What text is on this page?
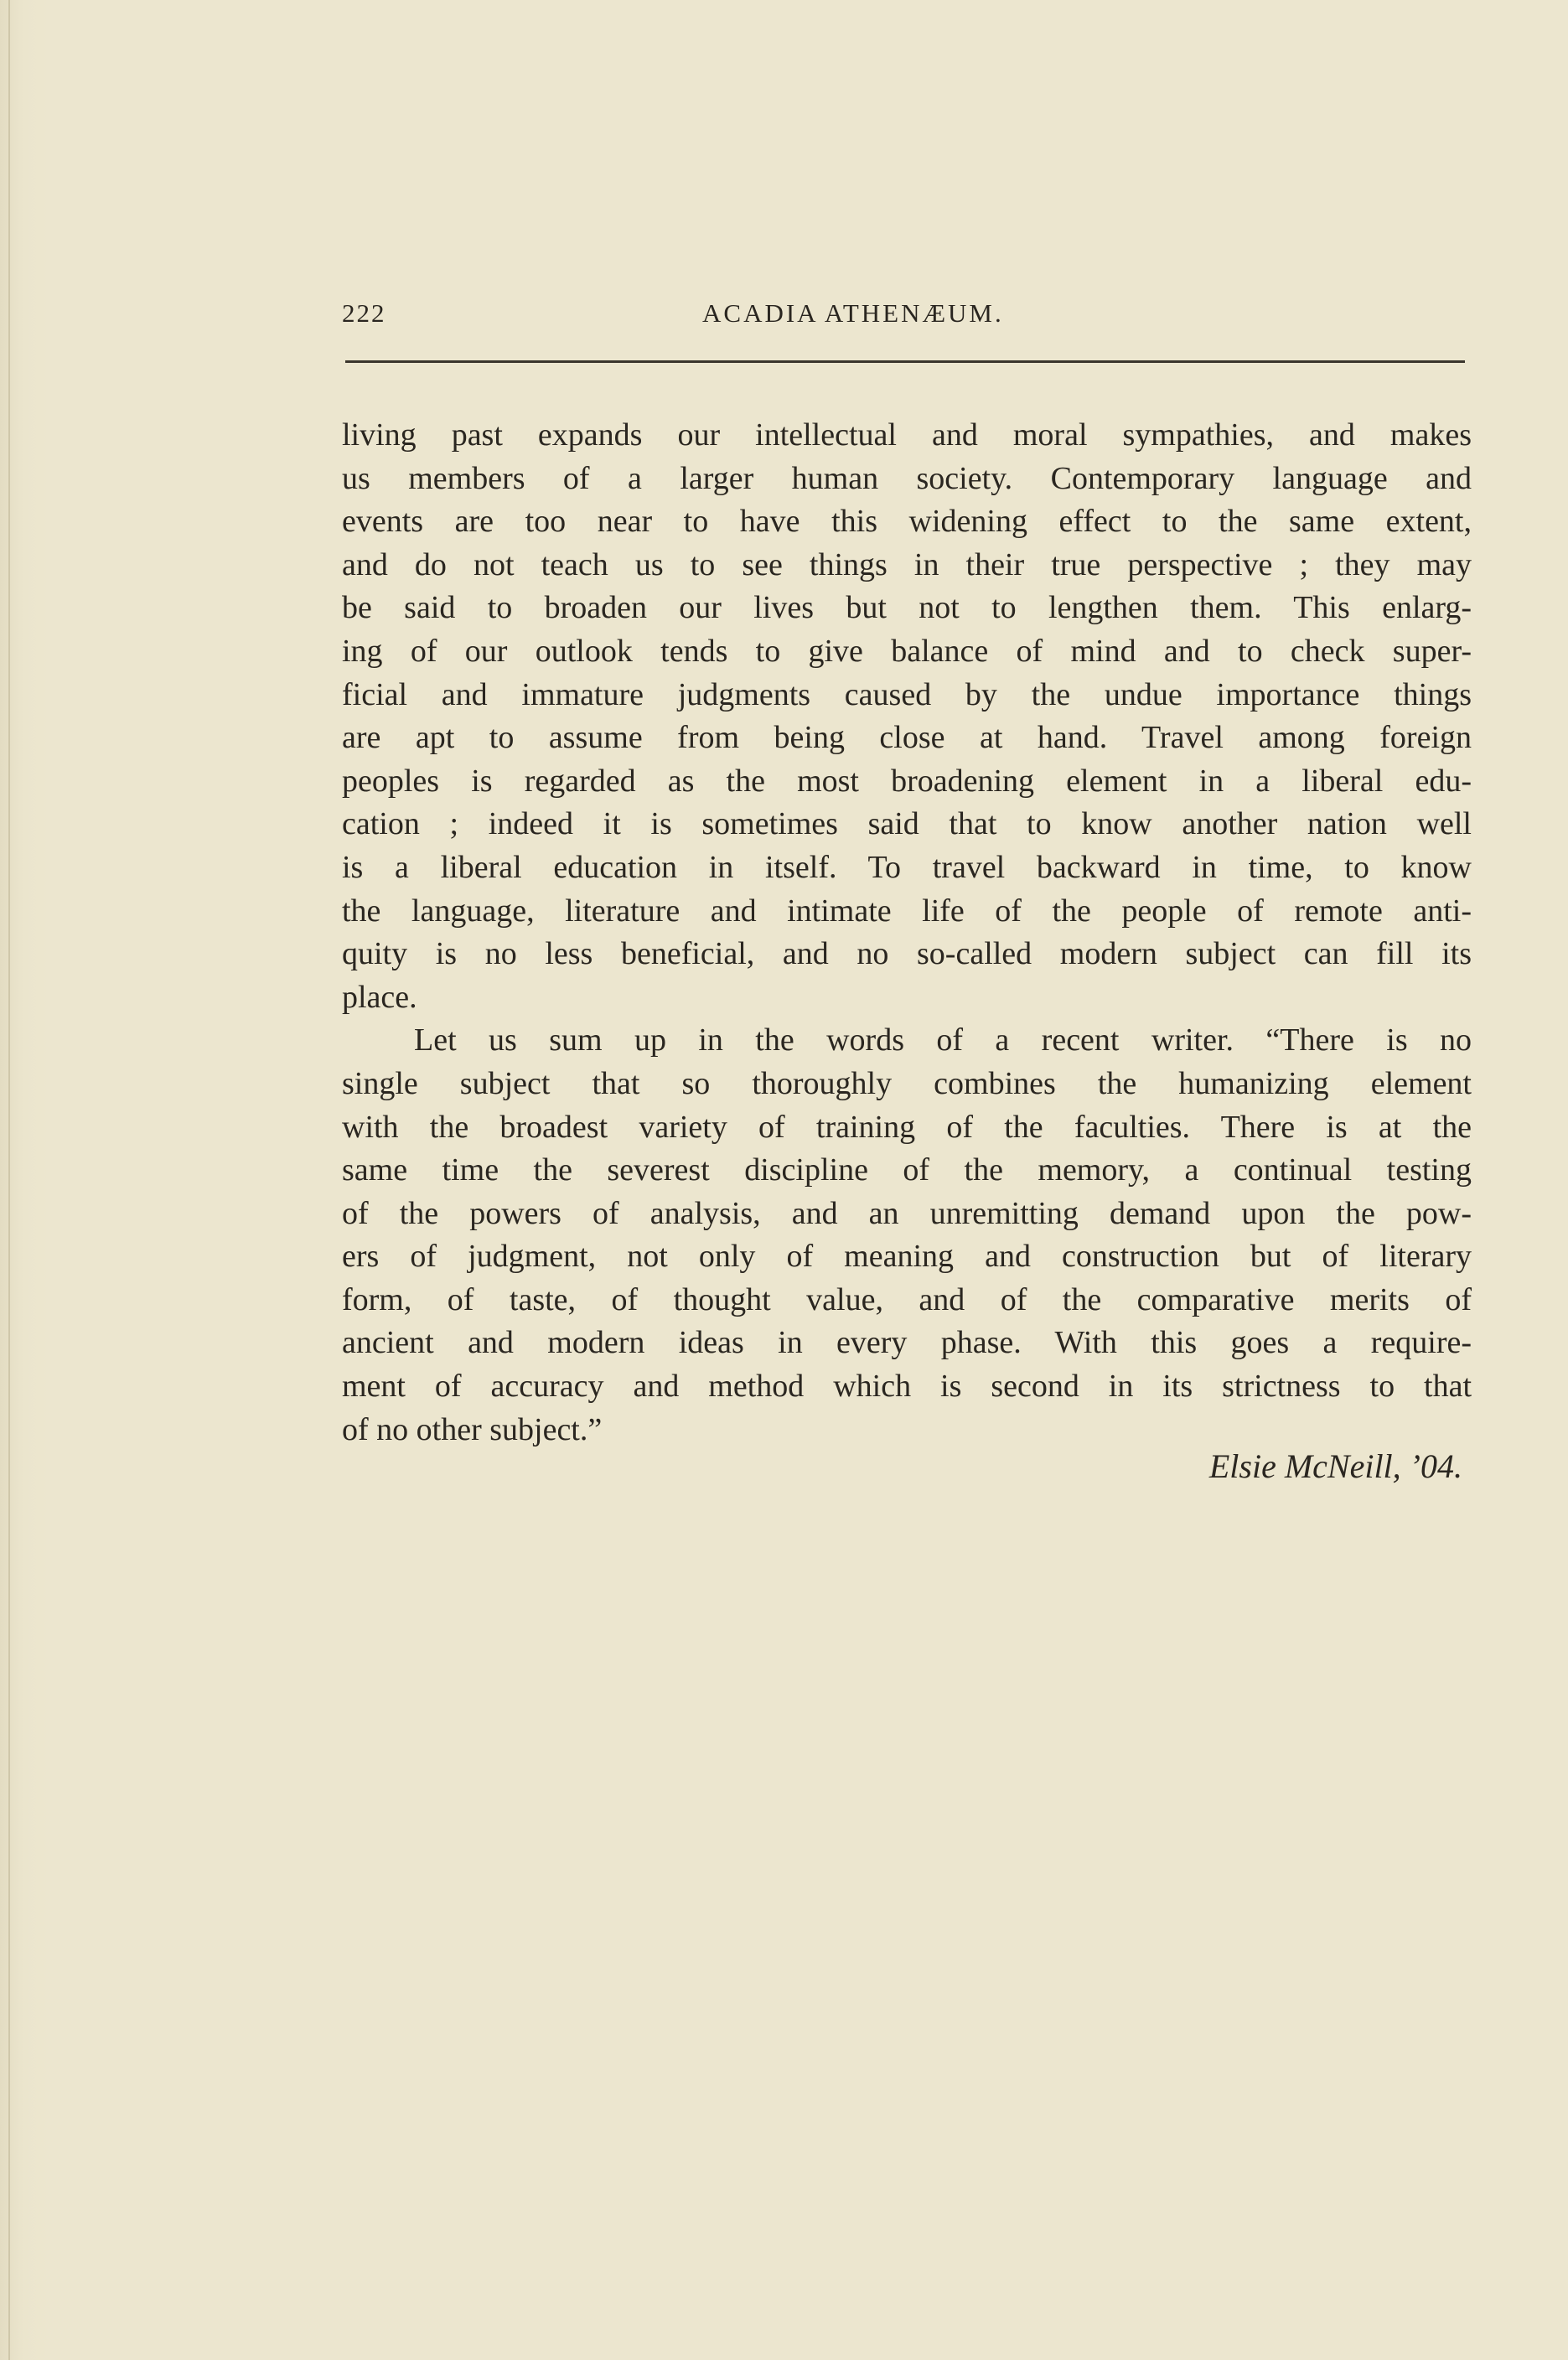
222	ACADIA ATHENÆUM.
living past expands our intellectual and moral sympathies, and makes
us members of a larger human society. Contemporary language and
events are too near to have this widening effect to the same extent,
and do not teach us to see things in their true perspective ; they may
be said to broaden our lives but not to lengthen them. This enlarg-
ing of our outlook tends to give balance of mind and to check super-
ficial and immature judgments caused by the undue importance things
are apt to assume from being close at hand. Travel among foreign
peoples is regarded as the most broadening element in a liberal edu-
cation ; indeed it is sometimes said that to know another nation well
is a liberal education in itself. To travel backward in time, to know
the language, literature and intimate life of the people of remote anti-
quity is no less beneficial, and no so-called modern subject can fill its
place.
Let us sum up in the words of a recent writer. “There is no
single subject that so thoroughly combines the humanizing element
with the broadest variety of training of the faculties. There is at the
same time the severest discipline of the memory, a continual testing
of the powers of analysis, and an unremitting demand upon the pow-
ers of judgment, not only of meaning and construction but of literary
form, of taste, of thought value, and of the comparative merits of
ancient and modern ideas in every phase. With this goes a require-
ment of accuracy and method which is second in its strictness to that
of no other subject.”
Elsie McNeill, ’04.
